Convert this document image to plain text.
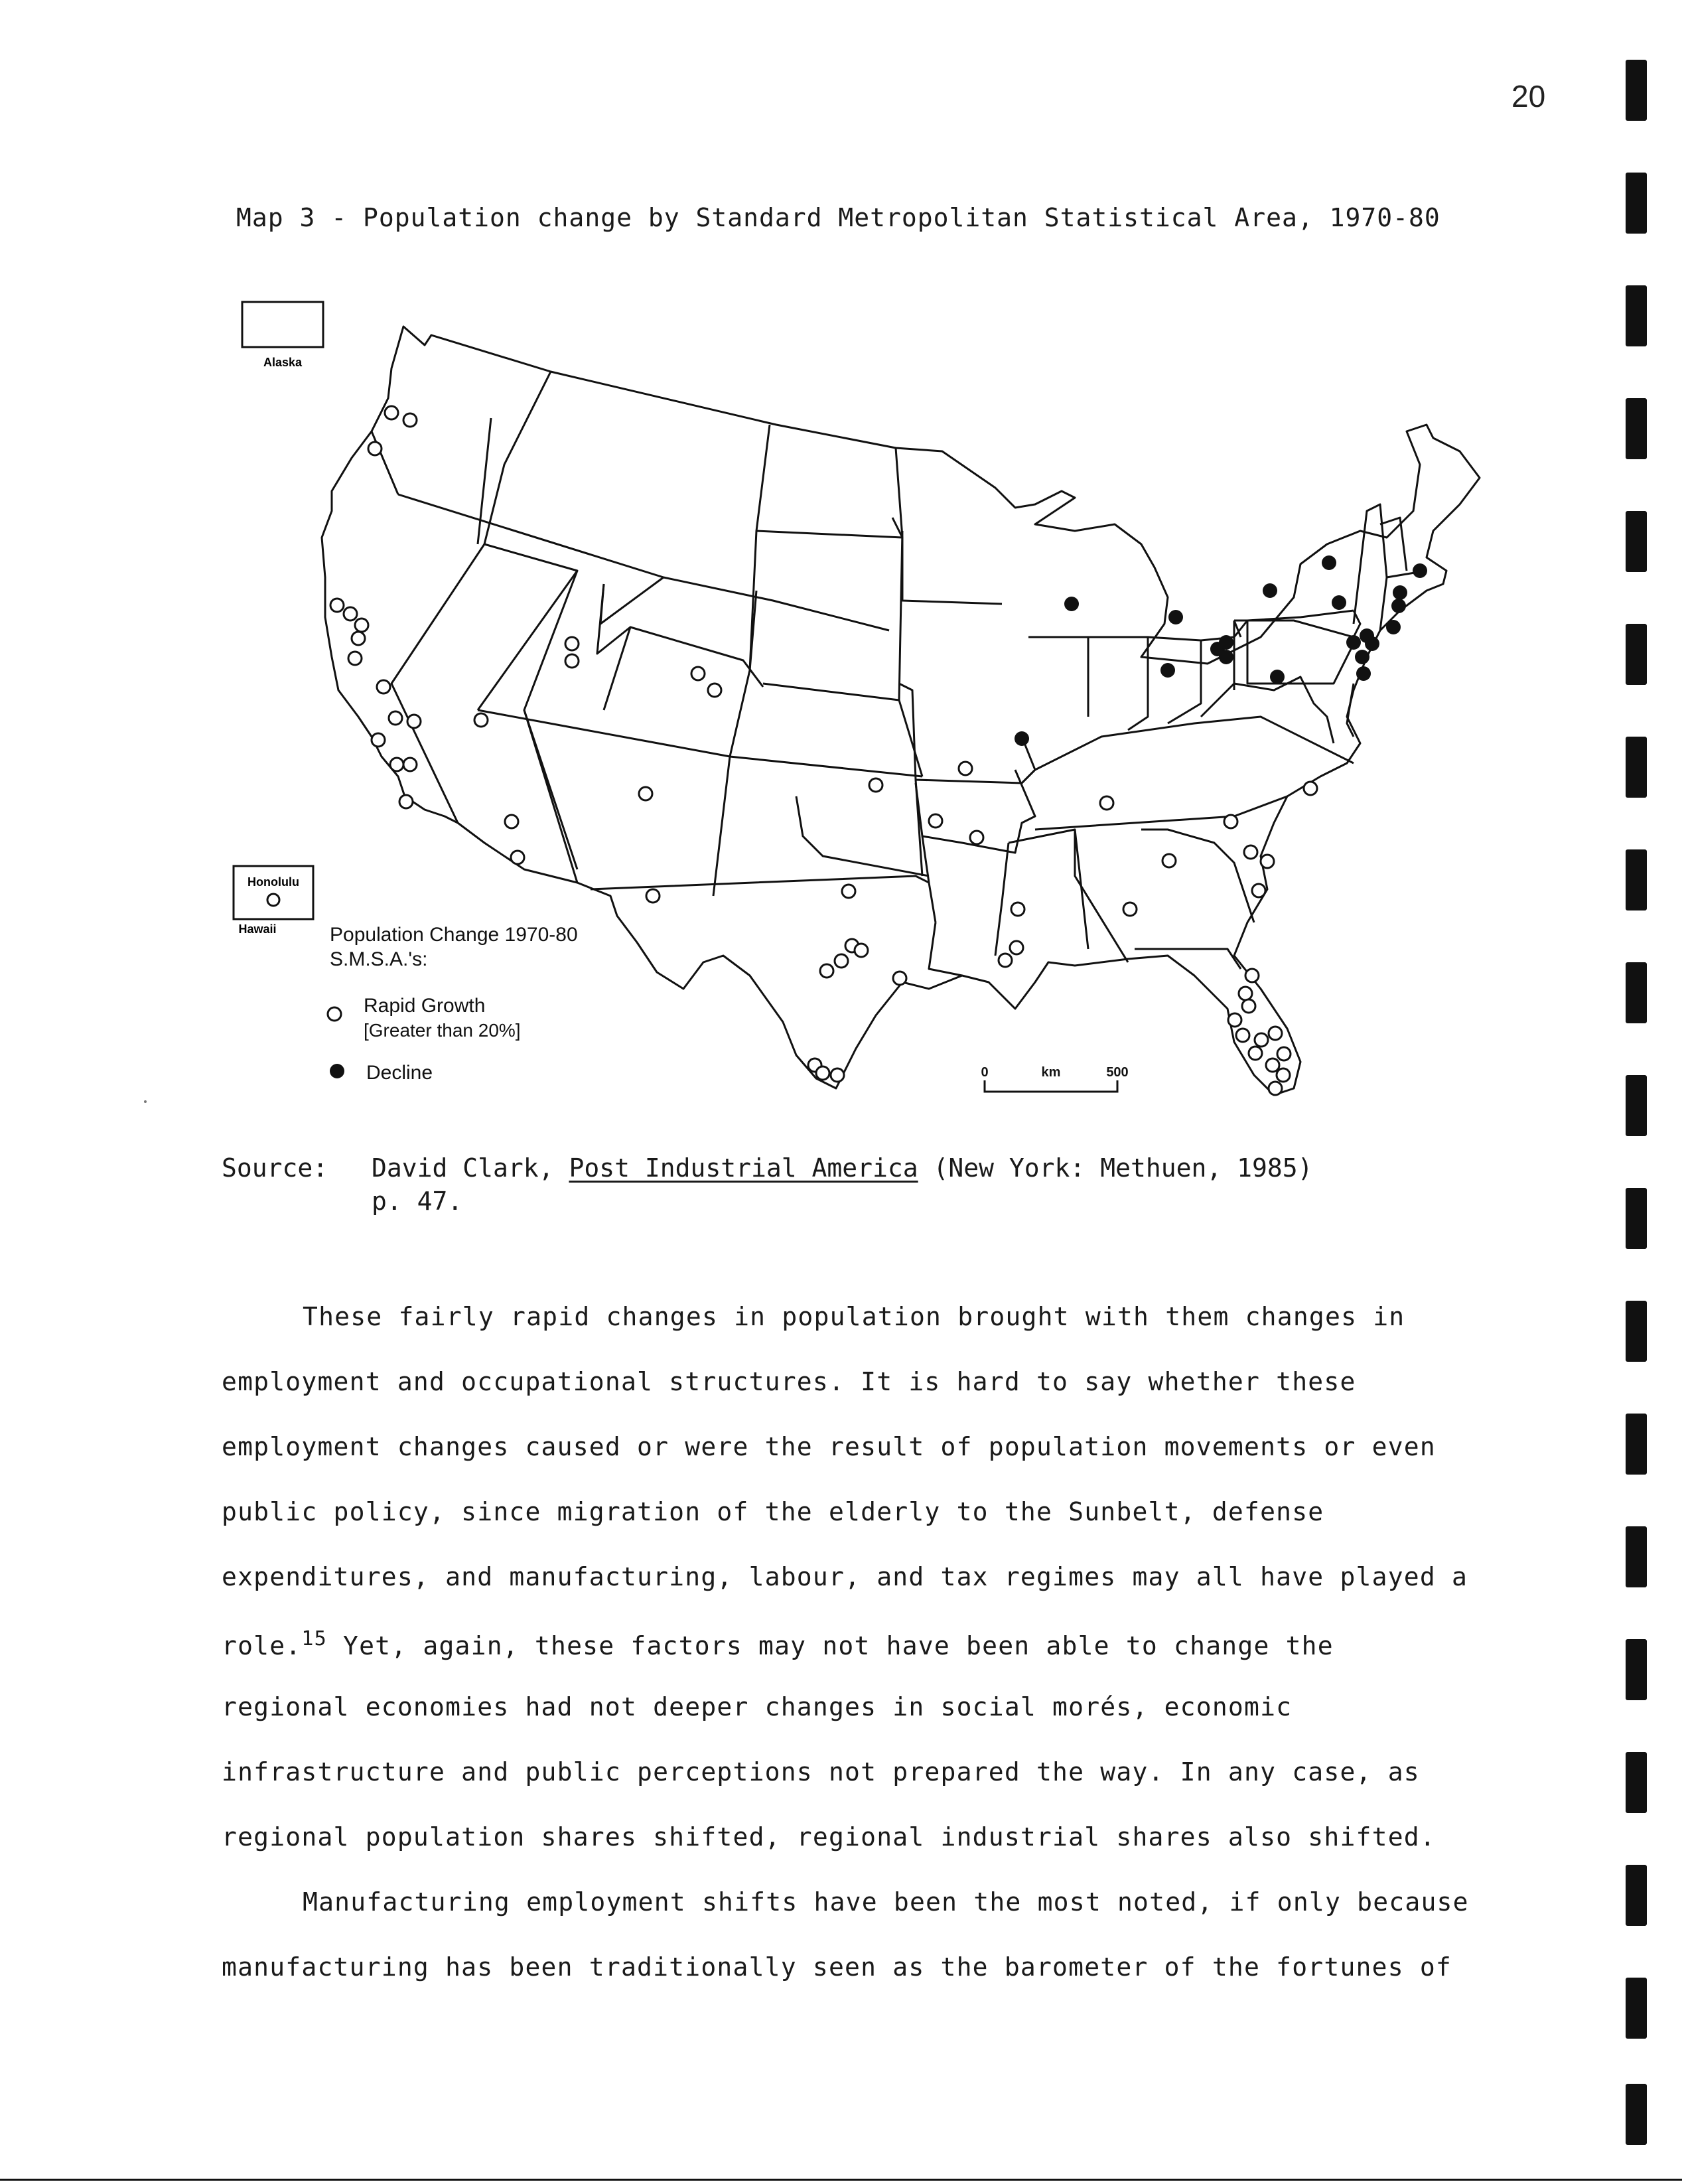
20
Map 3 - Population change by Standard Metropolitan Statistical Area, 1970-80
Alaska
Honolulu
Hawaii	Population Change 1970-80
S.M.S.A.'s:
Rapid Growth
[Greater than 20%]
Decline	0	km	500
Source: David Clark, Post Industrial America (New York: Methuen, 1985)
p. 47.
These fairly rapid changes in population brought with them changes in
employment and occupational structures. It is hard to say whether these
employment changes caused or were the result of population movements or even
public policy, since migration of the elderly to the Sunbelt, defense
expenditures, and manufacturing, labour, and tax regimes may all have played a
role.$^{15}$ Yet, again, these factors may not have been able to change the
regional economies had not deeper changes in social morés, economic
infrastructure and public perceptions not prepared the way. In any case, as
regional population shares shifted, regional industrial shares also shifted.
Manufacturing employment shifts have been the most noted, if only because
manufacturing has been traditionally seen as the barometer of the fortunes of
